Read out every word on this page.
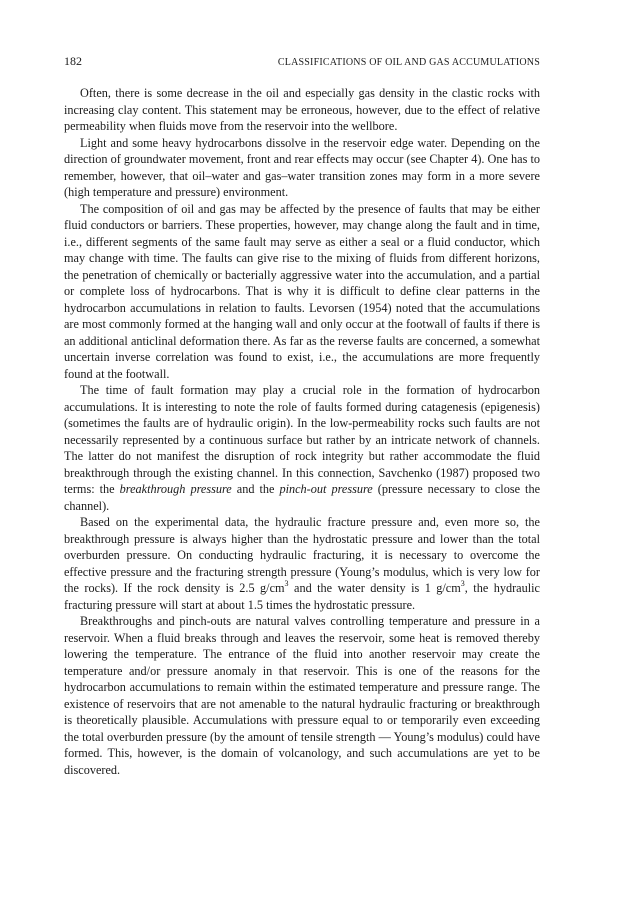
182	CLASSIFICATIONS OF OIL AND GAS ACCUMULATIONS

Often, there is some decrease in the oil and especially gas density in the clastic rocks with increasing clay content. This statement may be erroneous, however, due to the effect of relative permeability when fluids move from the reservoir into the wellbore.

Light and some heavy hydrocarbons dissolve in the reservoir edge water. Depending on the direction of groundwater movement, front and rear effects may occur (see Chapter 4). One has to remember, however, that oil–water and gas–water transition zones may form in a more severe (high temperature and pressure) environment.

The composition of oil and gas may be affected by the presence of faults that may be either fluid conductors or barriers. These properties, however, may change along the fault and in time, i.e., different segments of the same fault may serve as either a seal or a fluid conductor, which may change with time. The faults can give rise to the mixing of fluids from different horizons, the penetration of chemically or bacterially aggressive water into the accumulation, and a partial or complete loss of hydrocarbons. That is why it is difficult to define clear patterns in the hydrocarbon accumulations in relation to faults. Levorsen (1954) noted that the accumulations are most commonly formed at the hanging wall and only occur at the footwall of faults if there is an additional anticlinal deformation there. As far as the reverse faults are concerned, a somewhat uncertain inverse correlation was found to exist, i.e., the accumulations are more frequently found at the footwall.

The time of fault formation may play a crucial role in the formation of hydrocarbon accumulations. It is interesting to note the role of faults formed during catagenesis (epigenesis) (sometimes the faults are of hydraulic origin). In the low-permeability rocks such faults are not necessarily represented by a continuous surface but rather by an intricate network of channels. The latter do not manifest the disruption of rock integrity but rather accommodate the fluid breakthrough through the existing channel. In this connection, Savchenko (1987) proposed two terms: the breakthrough pressure and the pinch-out pressure (pressure necessary to close the channel).

Based on the experimental data, the hydraulic fracture pressure and, even more so, the breakthrough pressure is always higher than the hydrostatic pressure and lower than the total overburden pressure. On conducting hydraulic fracturing, it is necessary to overcome the effective pressure and the fracturing strength pressure (Young’s modulus, which is very low for the rocks). If the rock density is 2.5 $g/cm^3$ and the water density is 1 $g/cm^3$, the hydraulic fracturing pressure will start at about 1.5 times the hydrostatic pressure.

Breakthroughs and pinch-outs are natural valves controlling temperature and pressure in a reservoir. When a fluid breaks through and leaves the reservoir, some heat is removed thereby lowering the temperature. The entrance of the fluid into another reservoir may create the temperature and/or pressure anomaly in that reservoir. This is one of the reasons for the hydrocarbon accumulations to remain within the estimated temperature and pressure range. The existence of reservoirs that are not amenable to the natural hydraulic fracturing or breakthrough is theoretically plausible. Accumulations with pressure equal to or temporarily even exceeding the total overburden pressure (by the amount of tensile strength — Young’s modulus) could have formed. This, however, is the domain of volcanology, and such accumulations are yet to be discovered.
